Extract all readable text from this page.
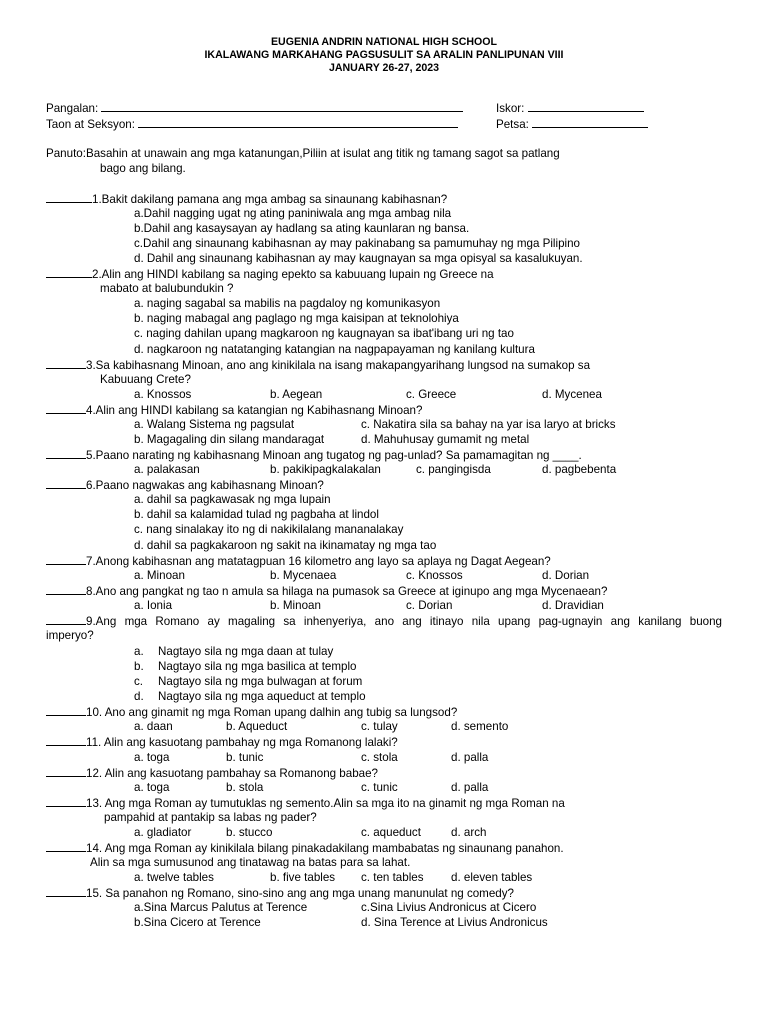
EUGENIA ANDRIN NATIONAL HIGH SCHOOL
IKALAWANG MARKAHANG PAGSUSULIT SA ARALIN PANLIPUNAN VIII
JANUARY 26-27, 2023
Pangalan:	Iskor:
Taon at Seksyon:	Petsa:
Panuto:Basahin at unawain ang mga katanungan,Piliin at isulat ang titik ng tamang sagot sa patlang
bago ang bilang.
1.Bakit dakilang pamana ang mga ambag sa sinaunang kabihasnan?
a.Dahil nagging ugat ng ating paniniwala ang mga ambag nila
b.Dahil ang kasaysayan ay hadlang sa ating kaunlaran ng bansa.
c.Dahil ang sinaunang kabihasnan ay may pakinabang sa pamumuhay ng mga Pilipino
d. Dahil ang sinaunang kabihasnan ay may kaugnayan sa mga opisyal sa kasalukuyan.
2.Alin ang HINDI kabilang sa naging epekto sa kabuuang lupain ng Greece na
mabato at balubundukin ?
a. naging sagabal sa mabilis na pagdaloy ng komunikasyon
b. naging mabagal ang paglago ng mga kaisipan at teknolohiya
c. naging dahilan upang magkaroon ng kaugnayan sa ibat'ibang uri ng tao
d. nagkaroon ng natatanging katangian na nagpapayaman ng kanilang kultura
3.Sa kabihasnang Minoan, ano ang kinikilala na isang makapangyarihang lungsod na sumakop sa
Kabuuang Crete?
a. Knossos	b. Aegean	c. Greece	d. Mycenea
4.Alin ang HINDI kabilang sa katangian ng Kabihasnang Minoan?
a. Walang Sistema ng pagsulat	c. Nakatira sila sa bahay na yar isa laryo at bricks
b. Magagaling din silang mandaragat	d. Mahuhusay gumamit ng metal
5.Paano narating ng kabihasnang Minoan ang tugatog ng pag-unlad? Sa pamamagitan ng ____.
a. palakasan	b. pakikipagkalakalan	c. pangingisda	d. pagbebenta
6.Paano nagwakas ang kabihasnang Minoan?
a. dahil sa pagkawasak ng mga lupain
b. dahil sa kalamidad tulad ng pagbaha at lindol
c. nang sinalakay ito ng di nakikilalang mananalakay
d. dahil sa pagkakaroon ng sakit na ikinamatay ng mga tao
7.Anong kabihasnan ang matatagpuan 16 kilometro ang layo sa aplaya ng Dagat Aegean?
a. Minoan	b. Mycenaea	c. Knossos	d. Dorian
8.Ano ang pangkat ng tao n amula sa hilaga na pumasok sa Greece at iginupo ang mga Mycenaean?
a. Ionia	b. Minoan	c. Dorian	d. Dravidian
9.Ang mga Romano ay magaling sa inhenyeriya, ano ang itinayo nila upang pag-ugnayin ang kanilang buong
imperyo?
a. Nagtayo sila ng mga daan at tulay
b. Nagtayo sila ng mga basilica at templo
c. Nagtayo sila ng mga bulwagan at forum
d. Nagtayo sila ng mga aqueduct at templo
10. Ano ang ginamit ng mga Roman upang dalhin ang tubig sa lungsod?
a. daan	b. Aqueduct	c. tulay	d. semento
11. Alin ang kasuotang pambahay ng mga Romanong lalaki?
a. toga	b. tunic	c. stola	d. palla
12. Alin ang kasuotang pambahay sa Romanong babae?
a. toga	b. stola	c. tunic	d. palla
13. Ang mga Roman ay tumutuklas ng semento.Alin sa mga ito na ginamit ng mga Roman na
pampahid at pantakip sa labas ng pader?
a. gladiator	b. stucco	c. aqueduct	d. arch
14. Ang mga Roman ay kinikilala bilang pinakadakilang mambabatas ng sinaunang panahon.
Alin sa mga sumusunod ang tinatawag na batas para sa lahat.
a. twelve tables	b. five tables c. ten tables d. eleven tables
15. Sa panahon ng Romano, sino-sino ang ang mga unang manunulat ng comedy?
a.Sina Marcus Palutus at Terence	c.Sina Livius Andronicus at Cicero
b.Sina Cicero at Terence	d. Sina Terence at Livius Andronicus
